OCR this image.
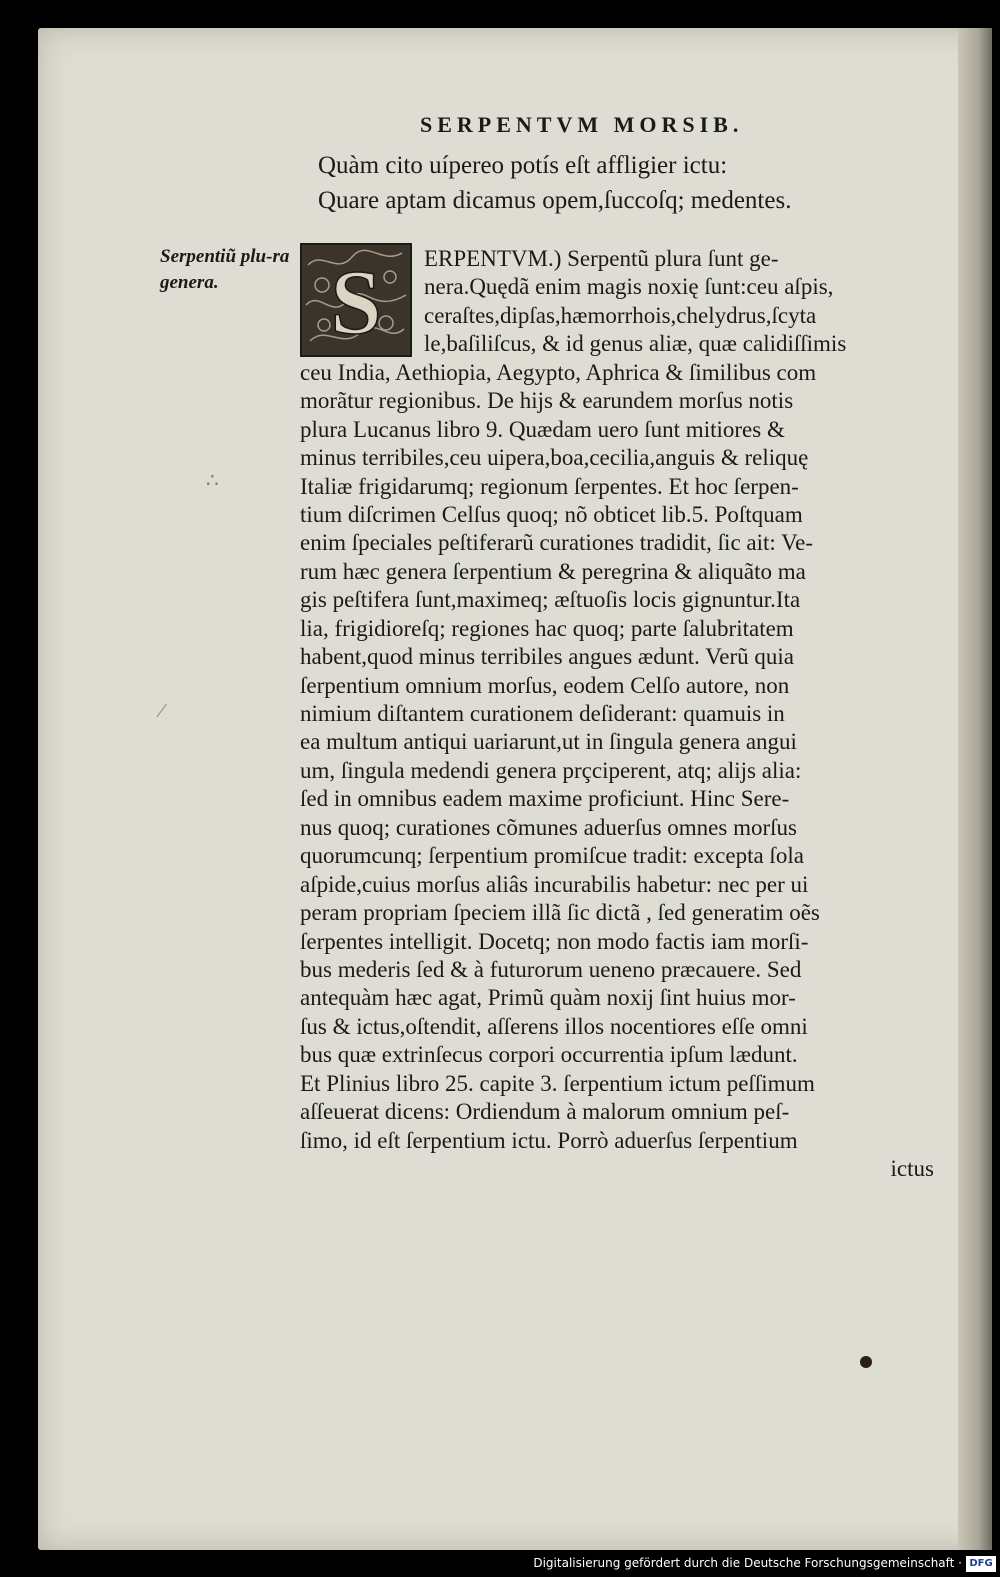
SERPENTVM MORSIB.
Quàm cito uípereo potís eſt affligier ictu:
Quare aptam dicamus opem,ſuccoſq; medentes.
Serpentiũ plu-ra genera.
ERPENTVM.) Serpentũ plura ſunt ge-
nera.Quędã enim magis noxię ſunt:ceu aſpis,
ceraſtes,dipſas,hæmorrhois,chelydrus,ſcyta
le,baſiliſcus, & id genus aliæ, quæ calidiſſimis
ceu India, Aethiopia, Aegypto, Aphrica & ſimilibus com
morãtur regionibus. De hijs & earundem morſus notis
plura Lucanus libro 9. Quædam uero ſunt mitiores &
minus terribiles,ceu uipera,boa,cecilia,anguis & reliquę
Italiæ frigidarumq; regionum ſerpentes. Et hoc ſerpen-
tium diſcrimen Celſus quoq; nõ obticet lib.5. Poſtquam
enim ſpeciales peſtiferarũ curationes tradidit, ſic ait: Ve-
rum hæc genera ſerpentium & peregrina & aliquãto ma
gis peſtifera ſunt,maximeq; æſtuoſis locis gignuntur.Ita
lia, frigidioreſq; regiones hac quoq; parte ſalubritatem
habent,quod minus terribiles angues ædunt. Verũ quia
ſerpentium omnium morſus, eodem Celſo autore, non
nimium diſtantem curationem deſiderant: quamuis in
ea multum antiqui uariarunt,ut in ſingula genera angui
um, ſingula medendi genera prçciperent, atq; alijs alia:
ſed in omnibus eadem maxime proficiunt. Hinc Sere-
nus quoq; curationes cõmunes aduerſus omnes morſus
quorumcunq; ſerpentium promiſcue tradit: excepta ſola
aſpide,cuius morſus aliâs incurabilis habetur: nec per ui
peram propriam ſpeciem illã ſic dictã , ſed generatim oẽs
ſerpentes intelligit. Docetq; non modo factis iam morſi-
bus mederis ſed & à futurorum ueneno præcauere. Sed
antequàm hæc agat, Primũ quàm noxij ſint huius mor-
ſus & ictus,oſtendit, aſſerens illos nocentiores eſſe omni
bus quæ extrinſecus corpori occurrentia ipſum lædunt.
Et Plinius libro 25. capite 3. ſerpentium ictum peſſimum
aſſeuerat dicens: Ordiendum à malorum omnium peſ-
ſimo, id eſt ſerpentium ictu. Porrò aduerſus ſerpentium
ictus
S
∴
⁄
Digitalisierung gefördert durch die Deutsche Forschungsgemeinschaft · DFG
